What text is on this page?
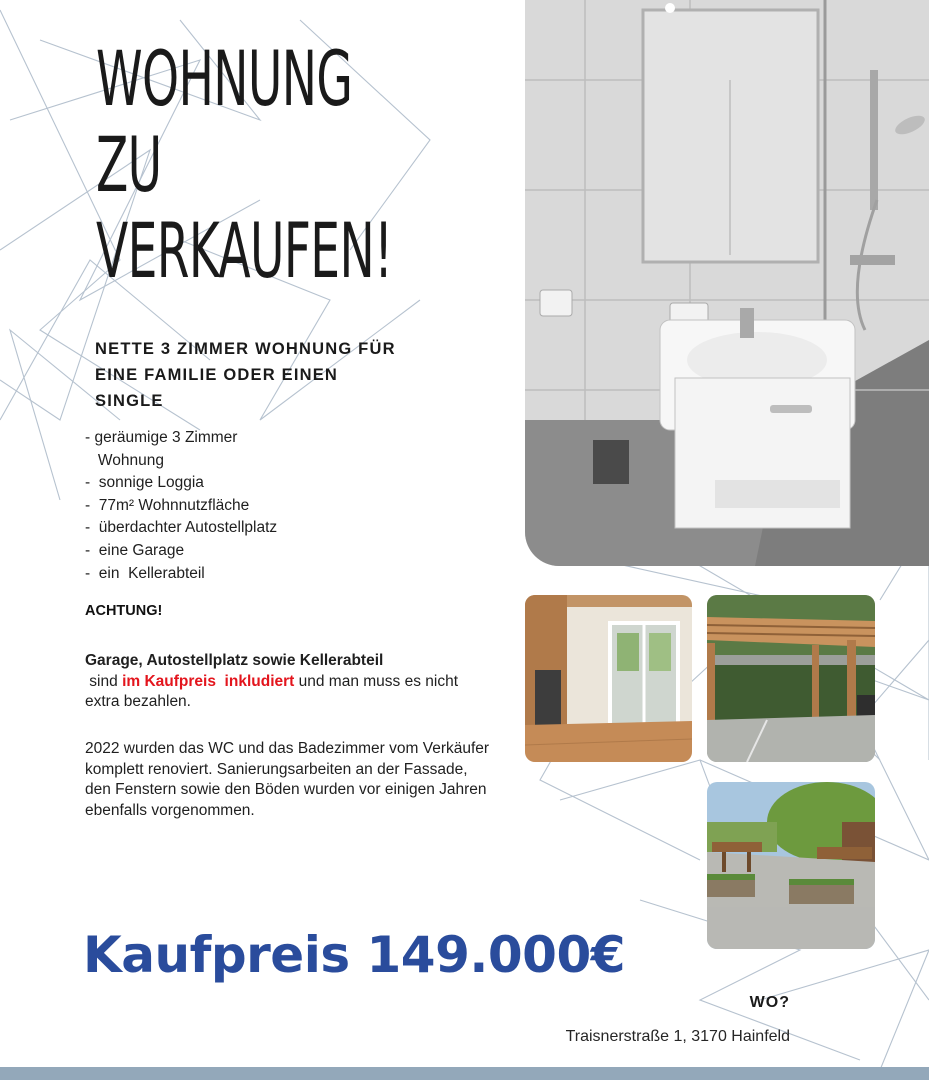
WOHNUNG
ZU
VERKAUFEN!
NETTE 3 ZIMMER WOHNUNG FÜR
EINE FAMILIE ODER EINEN
SINGLE
- geräumige 3 Zimmer
Wohnung
-  sonnige Loggia
-  77m² Wohnnutzfläche
-  überdachter Autostellplatz
-  eine Garage
-  ein  Kellerabteil

ACHTUNG!

Garage, Autostellplatz sowie Kellerabteil sind im Kaufpreis  inkludiert und man muss es nicht extra bezahlen.

2022 wurden das WC und das Badezimmer vom Verkäufer komplett renoviert. Sanierungsarbeiten an der Fassade, den Fenstern sowie den Böden wurden vor einigen Jahren ebenfalls vorgenommen.

Kaufpreis 149.000€

WO?

Traisnerstraße 1, 3170 Hainfeld
